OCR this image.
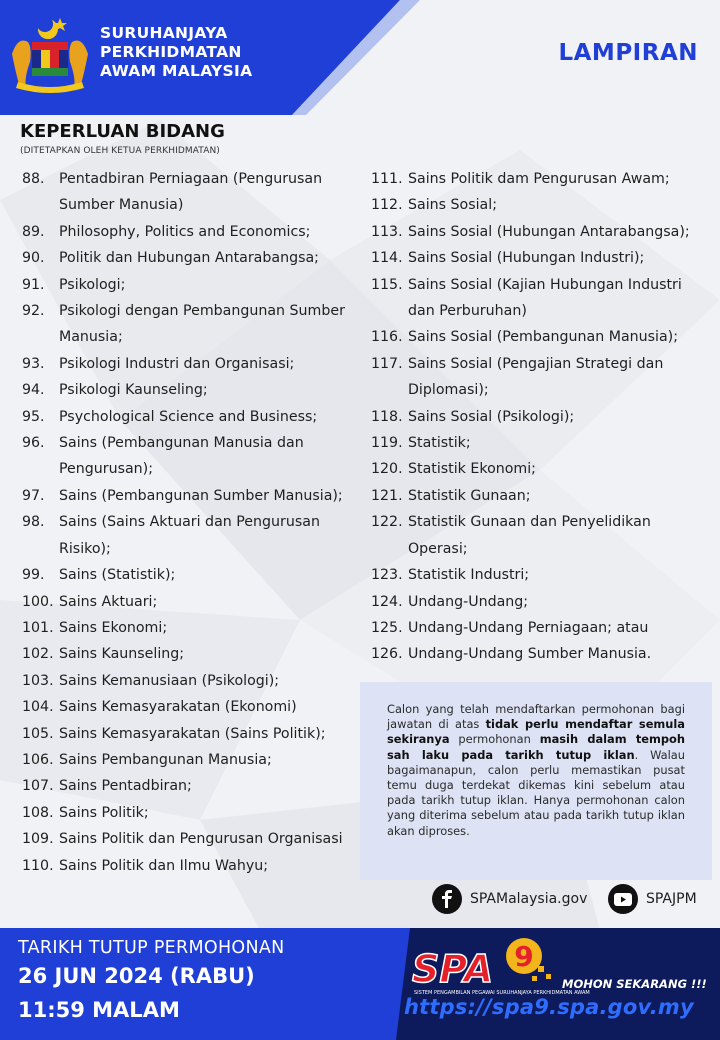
SURUHANJAYA
PERKHIDMATAN
AWAM MALAYSIA
LAMPIRAN
KEPERLUAN BIDANG
(DITETAPKAN OLEH KETUA PERKHIDMATAN)
88.	Pentadbiran Perniagaan (Pengurusan Sumber Manusia)
89.	Philosophy, Politics and Economics;
90.	Politik dan Hubungan Antarabangsa;
91.	Psikologi;
92.	Psikologi dengan Pembangunan Sumber Manusia;
93.	Psikologi Industri dan Organisasi;
94.	Psikologi Kaunseling;
95.	Psychological Science and Business;
96.	Sains (Pembangunan Manusia dan Pengurusan);
97.	Sains (Pembangunan Sumber Manusia);
98.	Sains (Sains Aktuari dan Pengurusan Risiko);
99.	Sains (Statistik);
100. Sains Aktuari;
101. Sains Ekonomi;
102. Sains Kaunseling;
103. Sains Kemanusiaan (Psikologi);
104. Sains Kemasyarakatan (Ekonomi)
105. Sains Kemasyarakatan (Sains Politik);
106. Sains Pembangunan Manusia;
107. Sains Pentadbiran;
108. Sains Politik;
109. Sains Politik dan Pengurusan Organisasi
110. Sains Politik dan Ilmu Wahyu;
111. Sains Politik dam Pengurusan Awam;
112. Sains Sosial;
113. Sains Sosial (Hubungan Antarabangsa);
114. Sains Sosial (Hubungan Industri);
115. Sains Sosial (Kajian Hubungan Industri dan Perburuhan)
116. Sains Sosial (Pembangunan Manusia);
117. Sains Sosial (Pengajian Strategi dan Diplomasi);
118. Sains Sosial (Psikologi);
119. Statistik;
120. Statistik Ekonomi;
121. Statistik Gunaan;
122. Statistik Gunaan dan Penyelidikan Operasi;
123. Statistik Industri;
124. Undang-Undang;
125. Undang-Undang Perniagaan; atau
126. Undang-Undang Sumber Manusia.

Calon yang telah mendaftarkan permohonan bagi jawatan di atas tidak perlu mendaftar semula sekiranya permohonan masih dalam tempoh sah laku pada tarikh tutup iklan. Walau bagaimanapun, calon perlu memastikan pusat temu duga terdekat dikemas kini sebelum atau pada tarikh tutup iklan. Hanya permohonan calon yang diterima sebelum atau pada tarikh tutup iklan akan diproses.

SPAMalaysia.gov	SPAJPM
TARIKH TUTUP PERMOHONAN
26 JUN 2024 (RABU)
11:59 MALAM
9
SPA
SISTEM PENGAMBILAN PEGAWAI SURUHANJAYA PERKHIDMATAN AWAM
MOHON SEKARANG !!!
https://spa9.spa.gov.my
